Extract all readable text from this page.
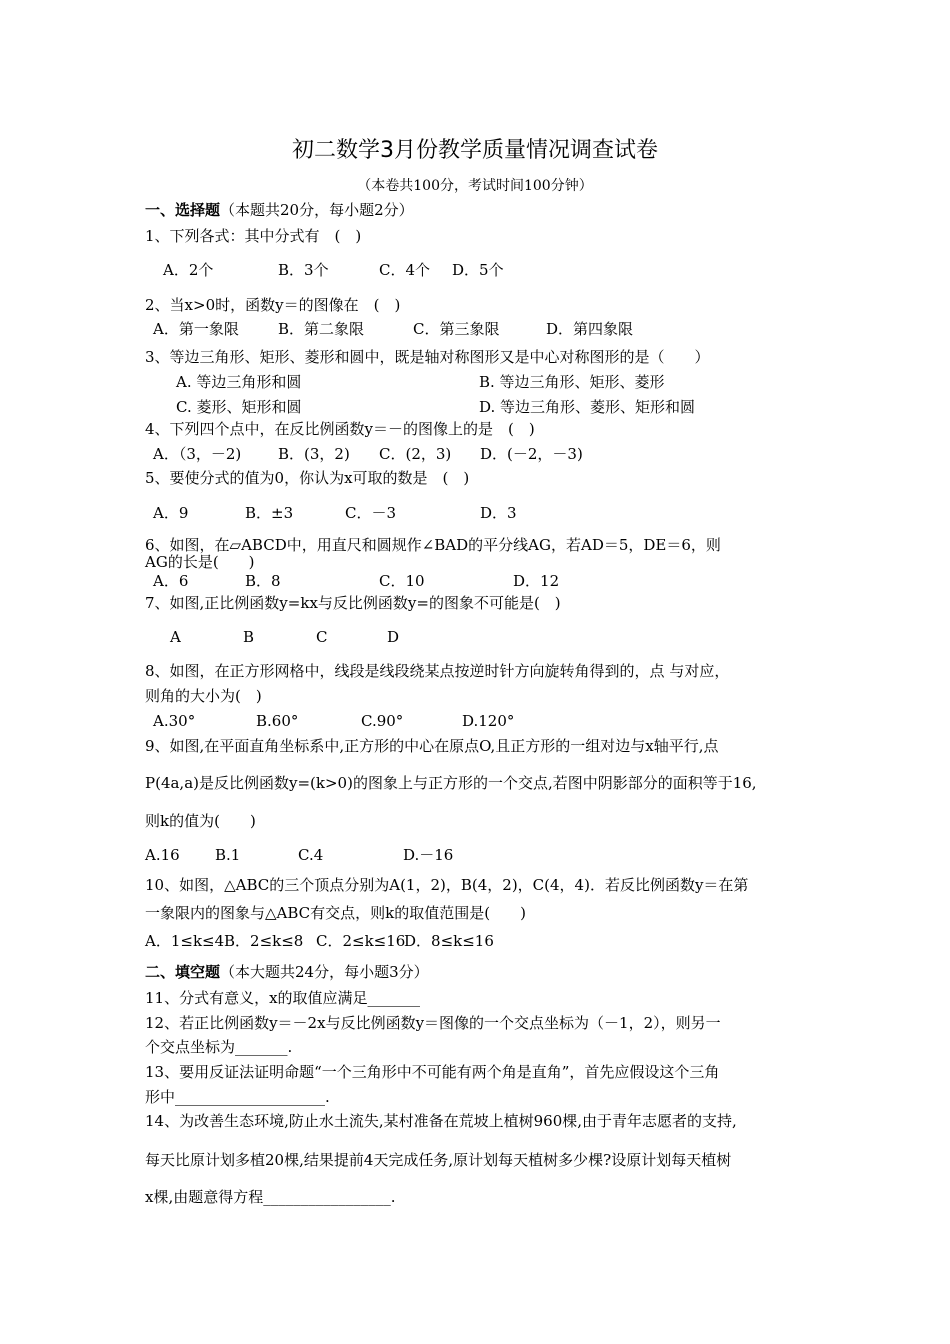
初二数学3月份教学质量情况调查试卷
（本卷共100分，考试时间100分钟）
一、选择题（本题共20分，每小题2分）
1、下列各式：其中分式有　(　)
A．2个	B．3个	C．4个 D．5个
2、当x>0时，函数y＝的图像在　(　)
A．第一象限	B．第二象限	C．第三象限	D．第四象限
3、等边三角形、矩形、菱形和圆中，既是轴对称图形又是中心对称图形的是（　　）
A. 等边三角形和圆	B. 等边三角形、矩形、菱形
C. 菱形、矩形和圆	D. 等边三角形、菱形、矩形和圆
4、下列四个点中，在反比例函数y＝－的图像上的是　(　)
A．（3，－2) B．(3，2) C．(2，3) D．(－2，－3)
5、要使分式的值为0，你认为x可取的数是　(　)
A．9	B．±3	C．－3	D．3
6、如图，在▱ABCD中，用直尺和圆规作∠BAD的平分线AG，若AD＝5，DE＝6，则
AG的长是(　　)
A．6	B．8	C．10	D．12
7、如图,正比例函数y=kx与反比例函数y=的图象不可能是(　)
A	B	C	D
8、如图，在正方形网格中，线段是线段绕某点按逆时针方向旋转角得到的，点 与对应，
则角的大小为(　)
A.30°	B.60°	C.90°	D.120°
9、如图,在平面直角坐标系中,正方形的中心在原点O,且正方形的一组对边与x轴平行,点
P(4a,a)是反比例函数y=(k>0)的图象上与正方形的一个交点,若图中阴影部分的面积等于16,
则k的值为(　　)
A.16 B.1	C.4	D.－16
10、如图，△ABC的三个顶点分别为A(1，2)，B(4，2)，C(4，4)．若反比例函数y＝在第
一象限内的图象与△ABC有交点，则k的取值范围是(　　)
A．1≤k≤4 B．2≤k≤8 C．2≤k≤16
D．8≤k≤16
二、填空题（本大题共24分，每小题3分）
11、分式有意义，x的取值应满足_______
12、若正比例函数y＝－2x与反比例函数y＝图像的一个交点坐标为（－1，2），则另一
个交点坐标为_______.
13、要用反证法证明命题“一个三角形中不可能有两个角是直角”，首先应假设这个三角
形中____________________.
14、为改善生态环境,防止水土流失,某村准备在荒坡上植树960棵,由于青年志愿者的支持,
每天比原计划多植20棵,结果提前4天完成任务,原计划每天植树多少棵?设原计划每天植树
x棵,由题意得方程_________________.
